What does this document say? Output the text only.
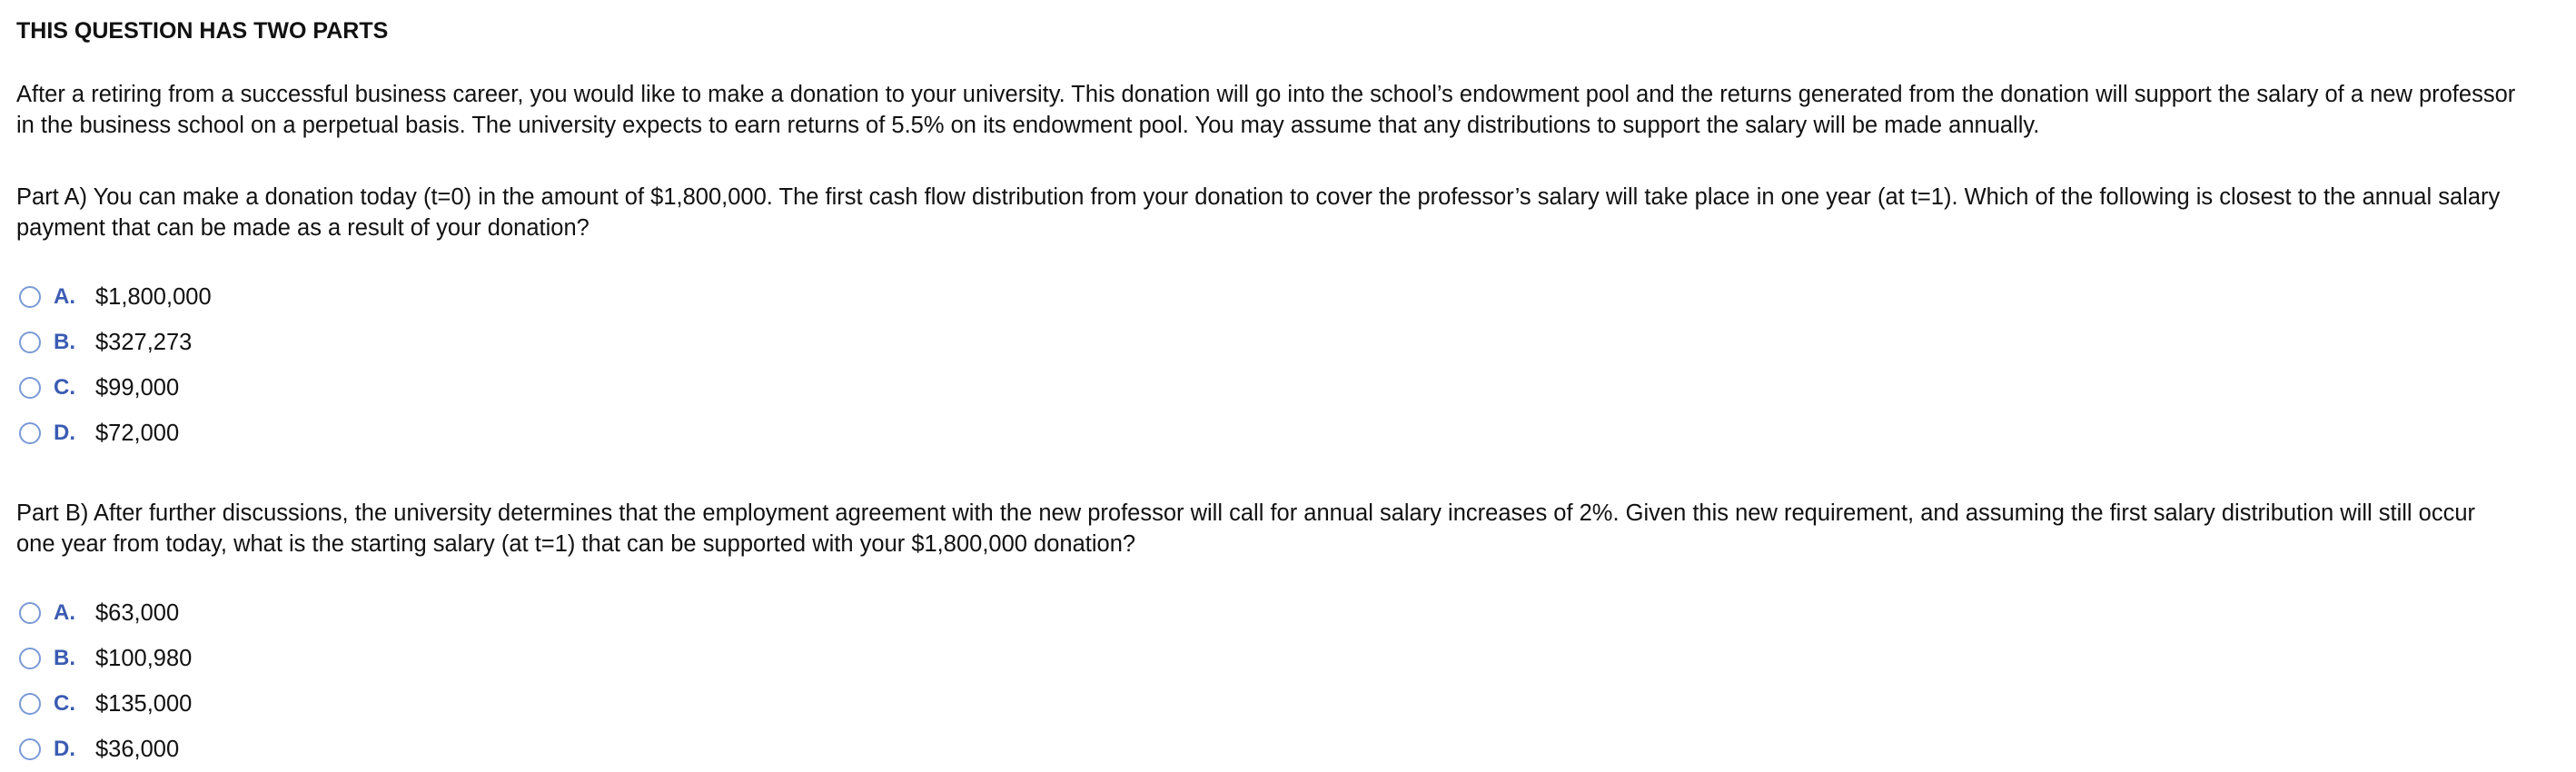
THIS QUESTION HAS TWO PARTS
After a retiring from a successful business career, you would like to make a donation to your university. This donation will go into the school’s endowment pool and the returns generated from the donation will support the salary of a new professor
in the business school on a perpetual basis. The university expects to earn returns of 5.5% on its endowment pool. You may assume that any distributions to support the salary will be made annually.
Part A) You can make a donation today (t=0) in the amount of $1,800,000. The first cash flow distribution from your donation to cover the professor’s salary will take place in one year (at t=1). Which of the following is closest to the annual salary
payment that can be made as a result of your donation?
A. $1,800,000
B. $327,273
C. $99,000
D. $72,000
Part B) After further discussions, the university determines that the employment agreement with the new professor will call for annual salary increases of 2%. Given this new requirement, and assuming the first salary distribution will still occur
one year from today, what is the starting salary (at t=1) that can be supported with your $1,800,000 donation?
A. $63,000
B. $100,980
C. $135,000
D. $36,000
